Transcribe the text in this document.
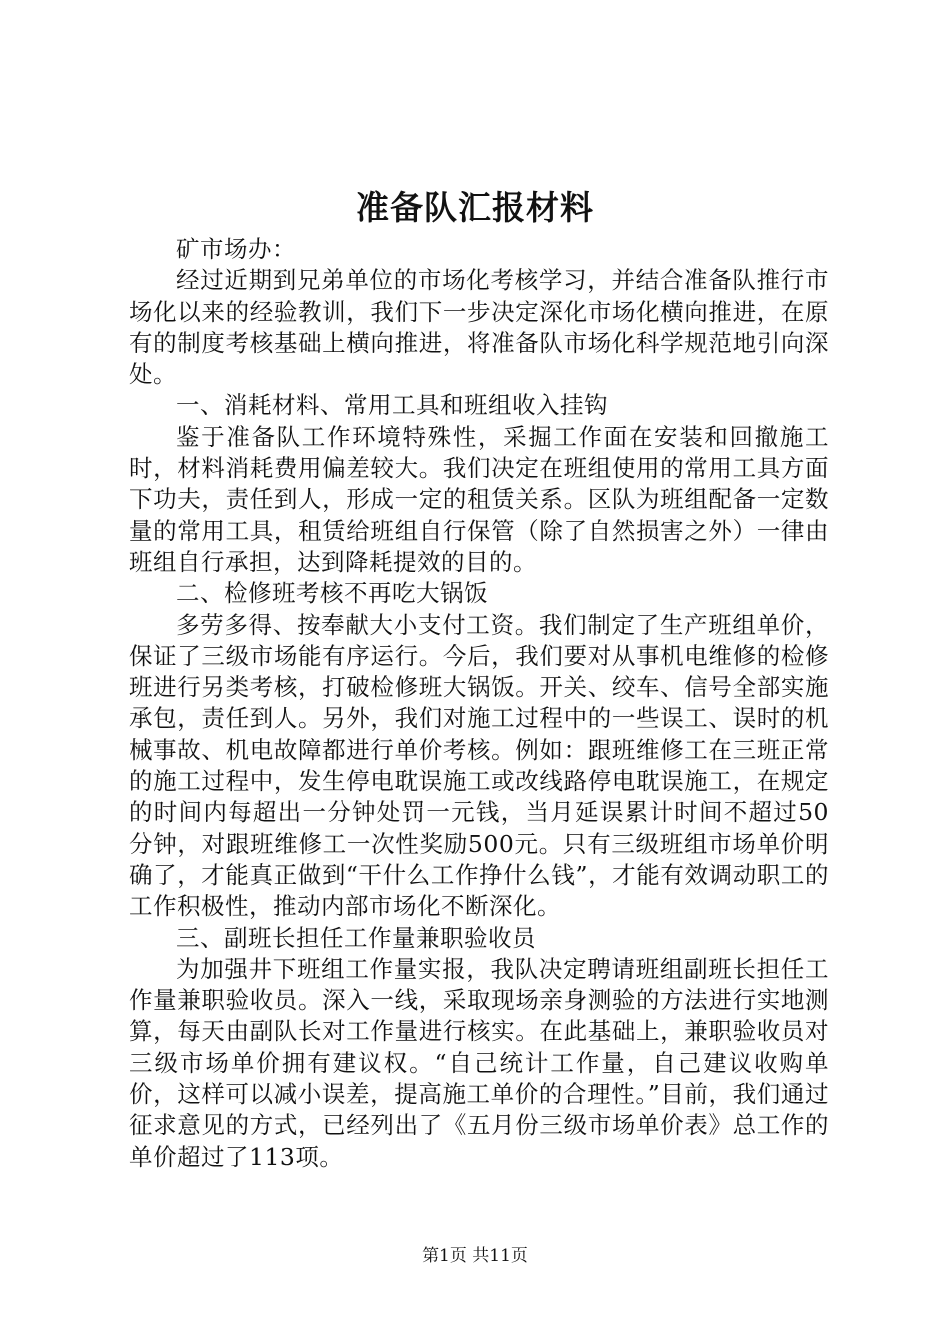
准备队汇报材料

矿市场办：

经过近期到兄弟单位的市场化考核学习，并结合准备队推行市场化以来的经验教训，我们下一步决定深化市场化横向推进，在原有的制度考核基础上横向推进，将准备队市场化科学规范地引向深处。

一、消耗材料、常用工具和班组收入挂钩

鉴于准备队工作环境特殊性，采掘工作面在安装和回撤施工时，材料消耗费用偏差较大。我们决定在班组使用的常用工具方面下功夫，责任到人，形成一定的租赁关系。区队为班组配备一定数量的常用工具，租赁给班组自行保管（除了自然损害之外）一律由班组自行承担，达到降耗提效的目的。

二、检修班考核不再吃大锅饭

多劳多得、按奉献大小支付工资。我们制定了生产班组单价，保证了三级市场能有序运行。今后，我们要对从事机电维修的检修班进行另类考核，打破检修班大锅饭。开关、绞车、信号全部实施承包，责任到人。另外，我们对施工过程中的一些误工、误时的机械事故、机电故障都进行单价考核。例如：跟班维修工在三班正常的施工过程中，发生停电耽误施工或改线路停电耽误施工，在规定的时间内每超出一分钟处罚一元钱，当月延误累计时间不超过50分钟，对跟班维修工一次性奖励500元。只有三级班组市场单价明确了，才能真正做到“干什么工作挣什么钱”，才能有效调动职工的工作积极性，推动内部市场化不断深化。

三、副班长担任工作量兼职验收员

为加强井下班组工作量实报，我队决定聘请班组副班长担任工作量兼职验收员。深入一线，采取现场亲身测验的方法进行实地测算，每天由副队长对工作量进行核实。在此基础上，兼职验收员对三级市场单价拥有建议权。“自己统计工作量，自己建议收购单价，这样可以减小误差，提高施工单价的合理性。”目前，我们通过征求意见的方式，已经列出了《五月份三级市场单价表》总工作的单价超过了113项。

第1页 共11页
